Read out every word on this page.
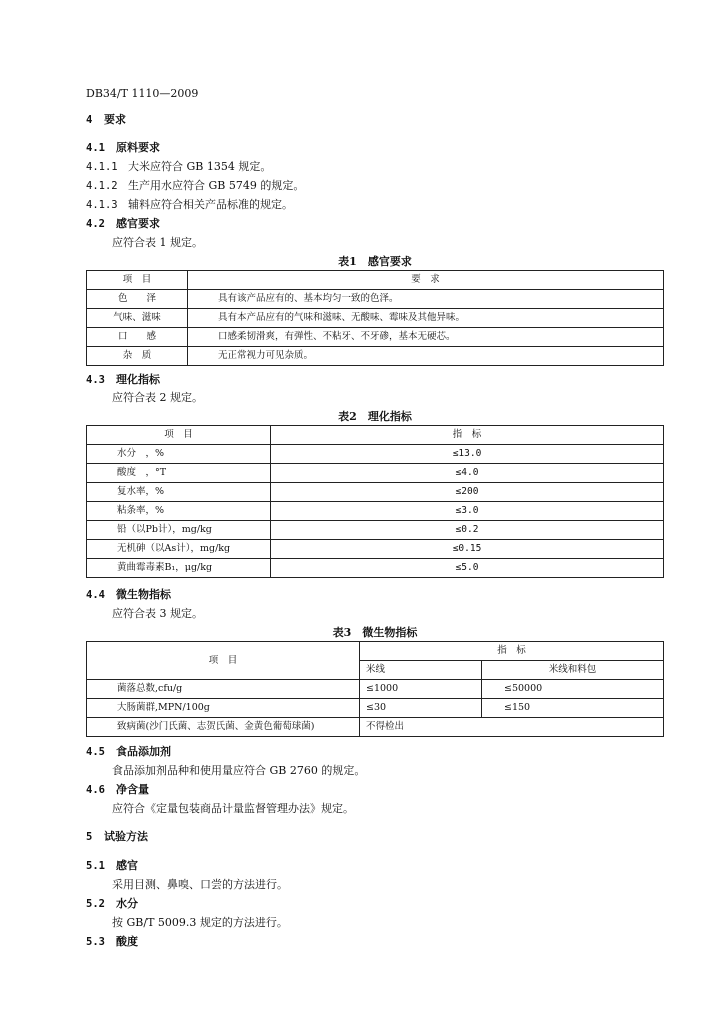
DB34/T 1110—2009
4 要求
4.1 原料要求
4.1.1 大米应符合 GB 1354 规定。
4.1.2 生产用水应符合 GB 5749 的规定。
4.1.3 辅料应符合相关产品标准的规定。
4.2 感官要求
应符合表 1 规定。
表1　感官要求
项　目	要　求
色　　泽	具有该产品应有的、基本均匀一致的色泽。
气味、滋味	具有本产品应有的气味和滋味、无酸味、霉味及其他异味。
口　　感	口感柔韧滑爽，有弹性、不粘牙、不牙碜，基本无硬芯。
杂　质	无正常视力可见杂质。
4.3 理化指标
应符合表 2 规定。
表2　理化指标
项　目	指　标
水分　，%	≤13.0
酸度　，°T	≤4.0
复水率，%	≤200
粘条率，%	≤3.0
铅（以Pb计），mg/kg	≤0.2
无机砷（以As计），mg/kg	≤0.15
黄曲霉毒素B₁，μg/kg	≤5.0
4.4 微生物指标
应符合表 3 规定。
表3　微生物指标
项　目	指　标	
	米线	米线和料包
菌落总数,cfu/g	≤1000	≤50000
大肠菌群,MPN/100g	≤30	≤150
致病菌(沙门氏菌、志贺氏菌、金黄色葡萄球菌)	不得检出	
4.5 食品添加剂
食品添加剂品种和使用量应符合 GB 2760 的规定。
4.6 净含量
应符合《定量包装商品计量监督管理办法》规定。
5 试验方法
5.1 感官
采用目测、鼻嗅、口尝的方法进行。
5.2 水分
按 GB/T 5009.3 规定的方法进行。
5.3 酸度
